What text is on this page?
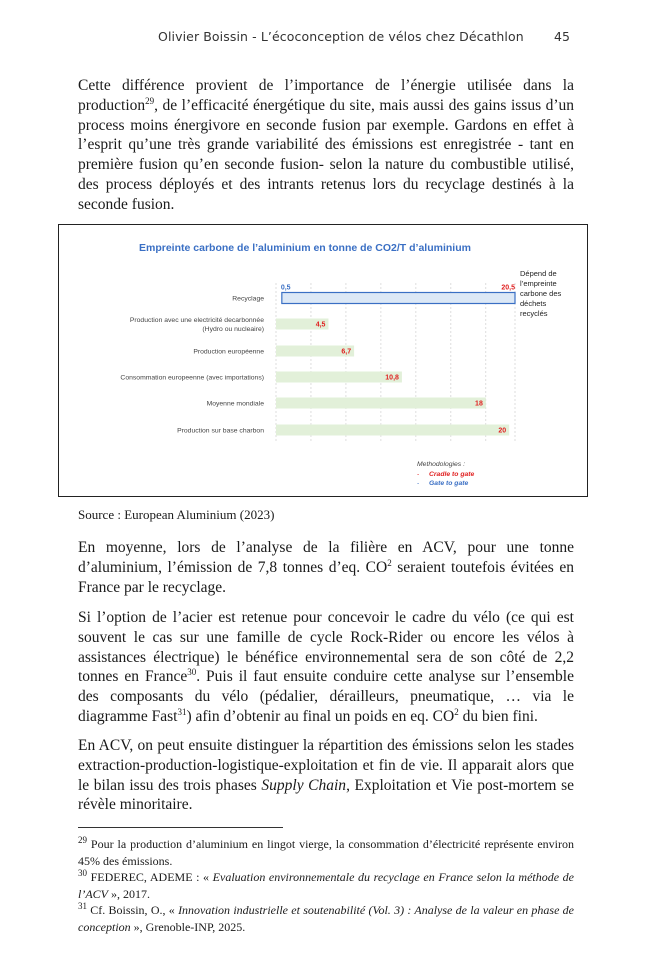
Olivier Boissin - L’écoconception de vélos chez Décathlon 45

Cette différence provient de l’importance de l’énergie utilisée dans la production$^{29}$, de l’efficacité énergétique du site, mais aussi des gains issus d’un process moins énergivore en seconde fusion par exemple. Gardons en effet à l’esprit qu’une très grande variabilité des émissions est enregistrée - tant en première fusion qu’en seconde fusion- selon la nature du combustible utilisé, des process déployés et des intrants retenus lors du recyclage destinés à la seconde fusion.

Empreinte carbone de l’aluminium en tonne de CO2/T d’aluminium
Recyclage
Production avec une electricité decarbonnée
(Hydro ou nucleaire)
Production européenne
Consommation europeenne (avec importations)
Moyenne mondiale
Production sur base charbon
20,5
4,5
6,7
10,8
18
20
0,5
Dépend de
l’empreinte
carbone des
déchets
recyclés
Methodologies :
- Cradle to gate
- Gate to gate
Source : European Aluminium (2023)

En moyenne, lors de l’analyse de la filière en ACV, pour une tonne d’aluminium, l’émission de 7,8 tonnes d’eq. $CO^2$ seraient toutefois évitées en France par le recyclage.

Si l’option de l’acier est retenue pour concevoir le cadre du vélo (ce qui est souvent le cas sur une famille de cycle Rock-Rider ou encore les vélos à assistances électrique) le bénéfice environnemental sera de son côté de 2,2 tonnes en France$^{30}$. Puis il faut ensuite conduire cette analyse sur l’ensemble des composants du vélo (pédalier, dérailleurs, pneumatique, … via le diagramme Fast$^{31}$) afin d’obtenir au final un poids en eq. $CO^2$ du bien fini.

En ACV, on peut ensuite distinguer la répartition des émissions selon les stades extraction-production-logistique-exploitation et fin de vie. Il apparait alors que le bilan issu des trois phases Supply Chain, Exploitation et Vie post-mortem se révèle minoritaire.

$^{29}$ Pour la production d’aluminium en lingot vierge, la consommation d’électricité représente environ 45% des émissions.

$^{30}$ FEDEREC, ADEME : « Evaluation environnementale du recyclage en France selon la méthode de l’ACV », 2017.

$^{31}$ Cf. Boissin, O., « Innovation industrielle et soutenabilité (Vol. 3) : Analyse de la valeur en phase de conception », Grenoble-INP, 2025.
